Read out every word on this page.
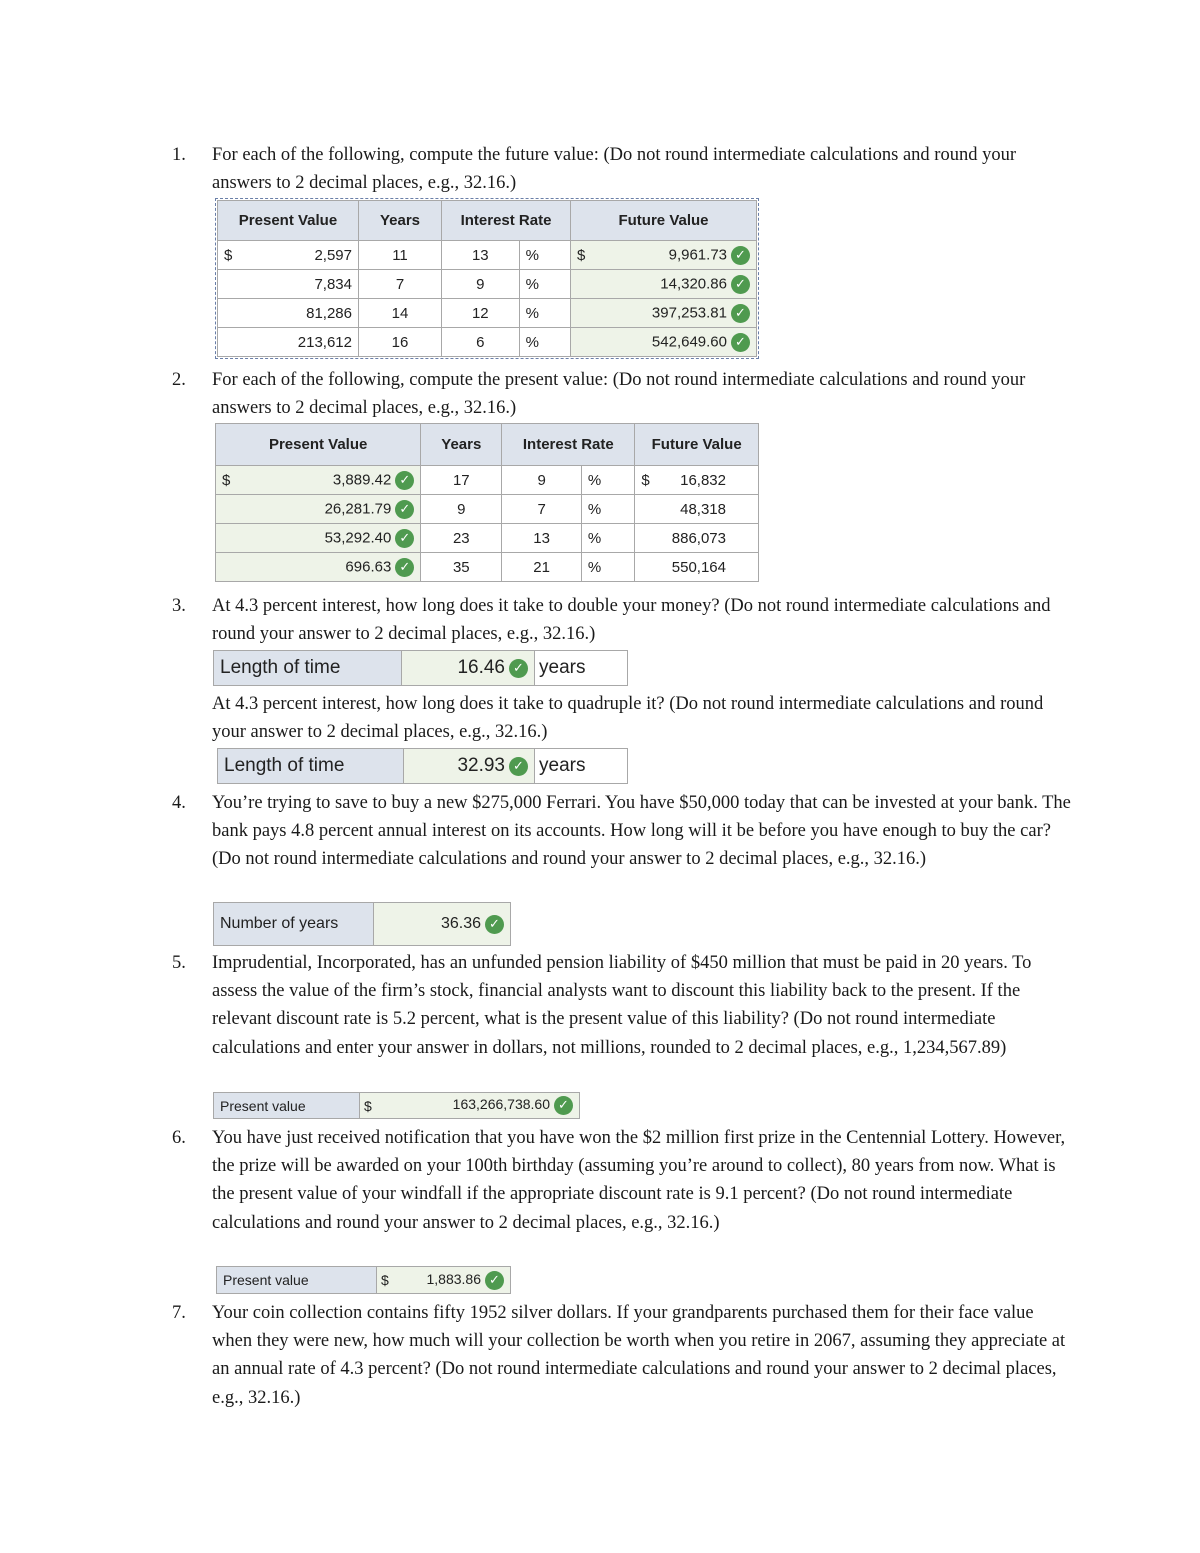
1. For each of the following, compute the future value: (Do not round intermediate calculations and round your answers to 2 decimal places, e.g., 32.16.)
Present Value	Years	Interest Rate		Future Value	

$ 2,597	11	13	%	$	9,961.73 ✓
7,834	7	9	%	14,320.86 ✓	
81,286	14	12	%	397,253.81 ✓	
213,612	16	6	%	542,649.60 ✓	
2. For each of the following, compute the present value: (Do not round intermediate calculations and round your answers to 2 decimal places, e.g., 32.16.)
Present Value		Years	Interest Rate		Future Value	
$	3,889.42 ✓	17	9	%	$	16,832
26,281.79 ✓		9	7	%	48,318	
53,292.40 ✓		23	13	%	886,073	
696.63 ✓		35	21	%	550,164	
3. At 4.3 percent interest, how long does it take to double your money? (Do not round intermediate calculations and round your answer to 2 decimal places, e.g., 32.16.)
Length of time	16.46 ✓ years
At 4.3 percent interest, how long does it take to quadruple it? (Do not round intermediate calculations and round your answer to 2 decimal places, e.g., 32.16.)
Length of time	32.93 ✓ years
4. You’re trying to save to buy a new $275,000 Ferrari. You have $50,000 today that can be invested at your bank. The bank pays 4.8 percent annual interest on its accounts. How long will it be before you have enough to buy the car? (Do not round intermediate calculations and round your answer to 2 decimal places, e.g., 32.16.)
Number of years	36.36 ✓
5. Imprudential, Incorporated, has an unfunded pension liability of $450 million that must be paid in 20 years. To assess the value of the firm’s stock, financial analysts want to discount this liability back to the present. If the relevant discount rate is 5.2 percent, what is the present value of this liability? (Do not round intermediate calculations and enter your answer in dollars, not millions, rounded to 2 decimal places, e.g., 1,234,567.89)
Present value	$	163,266,738.60 ✓
6. You have just received notification that you have won the $2 million first prize in the Centennial Lottery. However, the prize will be awarded on your 100th birthday (assuming you’re around to collect), 80 years from now. What is the present value of your windfall if the appropriate discount rate is 9.1 percent? (Do not round intermediate calculations and round your answer to 2 decimal places, e.g., 32.16.)
Present value	$	1,883.86 ✓
7. Your coin collection contains fifty 1952 silver dollars. If your grandparents purchased them for their face value when they were new, how much will your collection be worth when you retire in 2067, assuming they appreciate at an annual rate of 4.3 percent? (Do not round intermediate calculations and round your answer to 2 decimal places, e.g., 32.16.)
